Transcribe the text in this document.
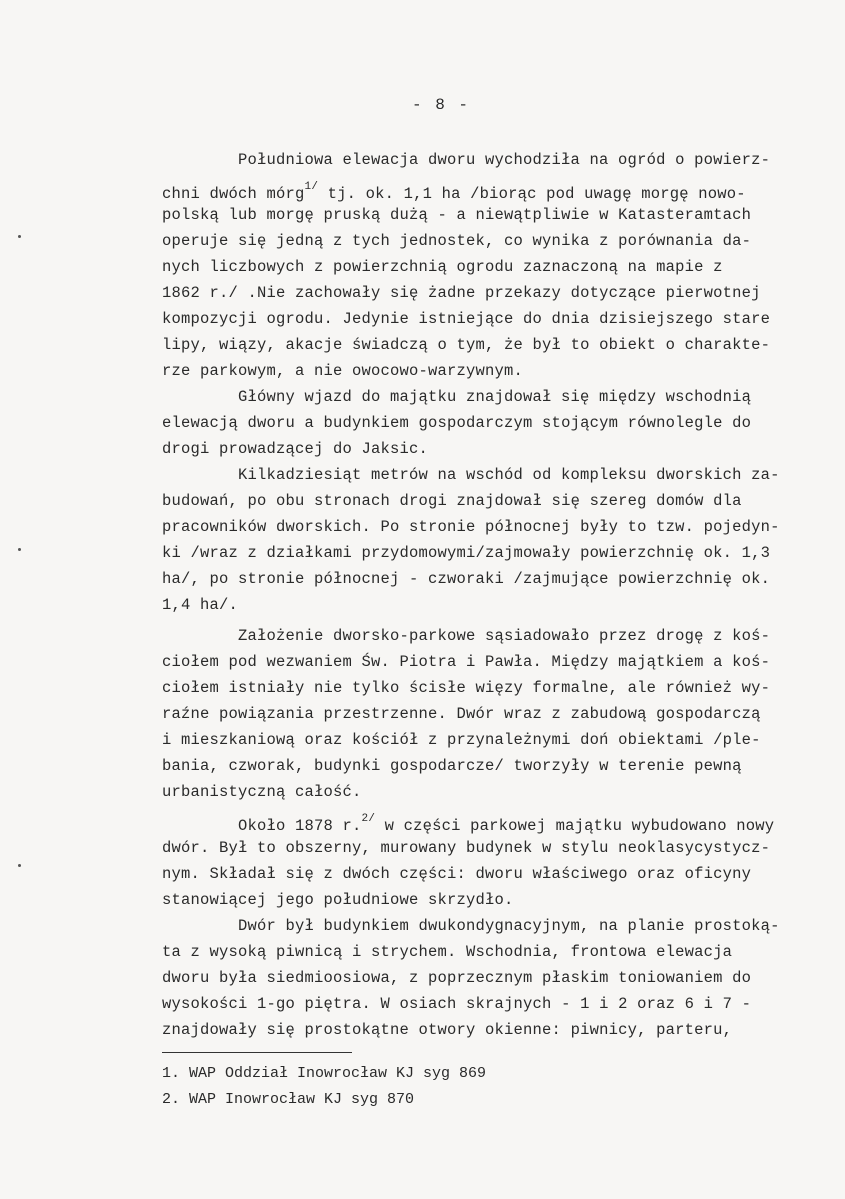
- 8 -
Południowa elewacja dworu wychodziła na ogród o powierz-
chni dwóch mórg$^{1/}$ tj. ok. 1,1 ha /biorąc pod uwagę morgę nowo-
polską lub morgę pruską dużą - a niewątpliwie w Katasteramtach
operuje się jedną z tych jednostek, co wynika z porównania da-
nych liczbowych z powierzchnią ogrodu zaznaczoną na mapie z
1862 r./ .Nie zachowały się żadne przekazy dotyczące pierwotnej
kompozycji ogrodu. Jedynie istniejące do dnia dzisiejszego stare
lipy, wiązy, akacje świadczą o tym, że był to obiekt o charakte-
rze parkowym, a nie owocowo-warzywnym.
Główny wjazd do majątku znajdował się między wschodnią
elewacją dworu a budynkiem gospodarczym stojącym równolegle do
drogi prowadzącej do Jaksic.
Kilkadziesiąt metrów na wschód od kompleksu dworskich za-
budowań, po obu stronach drogi znajdował się szereg domów dla
pracowników dworskich. Po stronie północnej były to tzw. pojedyn-
ki /wraz z działkami przydomowymi/zajmowały powierzchnię ok. 1,3
ha/, po stronie północnej - czworaki /zajmujące powierzchnię ok.
1,4 ha/.
Założenie dworsko-parkowe sąsiadowało przez drogę z koś-
ciołem pod wezwaniem Św. Piotra i Pawła. Między majątkiem a koś-
ciołem istniały nie tylko ścisłe więzy formalne, ale również wy-
raźne powiązania przestrzenne. Dwór wraz z zabudową gospodarczą
i mieszkaniową oraz kościół z przynależnymi doń obiektami /ple-
bania, czworak, budynki gospodarcze/ tworzyły w terenie pewną
urbanistyczną całość.
Około 1878 r.$^{2/}$ w części parkowej majątku wybudowano nowy
dwór. Był to obszerny, murowany budynek w stylu neoklasycystycz-
nym. Składał się z dwóch części: dworu właściwego oraz oficyny
stanowiącej jego południowe skrzydło.
Dwór był budynkiem dwukondygnacyjnym, na planie prostoką-
ta z wysoką piwnicą i strychem. Wschodnia, frontowa elewacja
dworu była siedmioosiowa, z poprzecznym płaskim toniowaniem do
wysokości 1-go piętra. W osiach skrajnych - 1 i 2 oraz 6 i 7 -
znajdowały się prostokątne otwory okienne: piwnicy, parteru,
1. WAP Oddział Inowrocław KJ syg 869
2. WAP Inowrocław KJ syg 870
